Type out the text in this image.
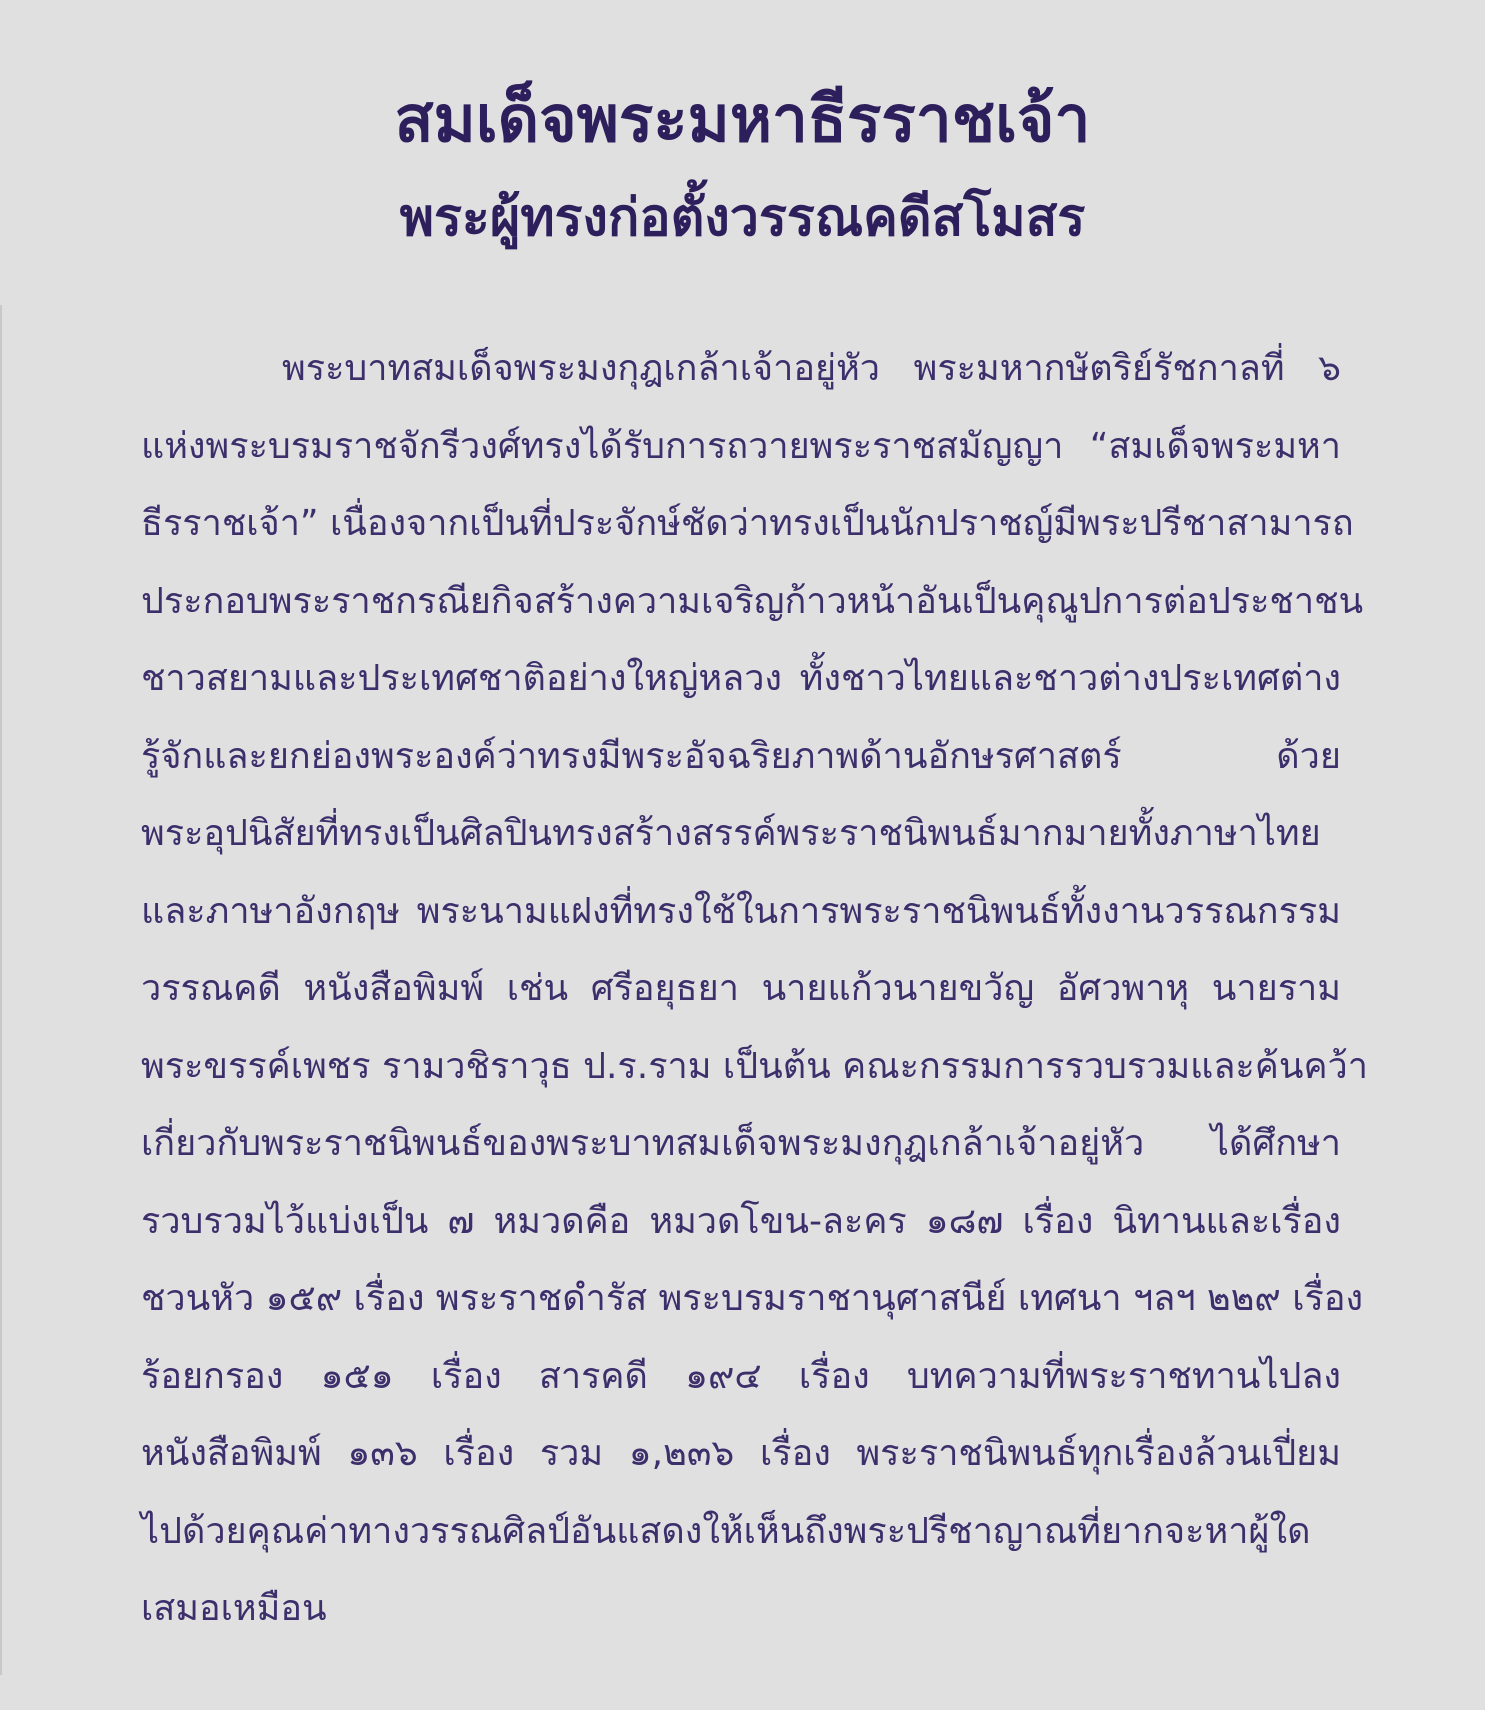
สมเด็จพระมหาธีรราชเจ้า
พระผู้ทรงก่อตั้งวรรณคดีสโมสร

พระบาทสมเด็จพระมงกุฎเกล้าเจ้าอยู่หัว พระมหากษัตริย์รัชกาลที่ ๖

แห่งพระบรมราชจักรีวงศ์ทรงได้รับการถวายพระราชสมัญญา “สมเด็จพระมหา

ธีรราชเจ้า” เนื่องจากเป็นที่ประจักษ์ชัดว่าทรงเป็นนักปราชญ์มีพระปรีชาสามารถ

ประกอบพระราชกรณียกิจสร้างความเจริญก้าวหน้าอันเป็นคุณูปการต่อประชาชน

ชาวสยามและประเทศชาติอย่างใหญ่หลวง ทั้งชาวไทยและชาวต่างประเทศต่าง

รู้จักและยกย่องพระองค์ว่าทรงมีพระอัจฉริยภาพด้านอักษรศาสตร์ ด้วย

พระอุปนิสัยที่ทรงเป็นศิลปินทรงสร้างสรรค์พระราชนิพนธ์มากมายทั้งภาษาไทย

และภาษาอังกฤษ พระนามแฝงที่ทรงใช้ในการพระราชนิพนธ์ทั้งงานวรรณกรรม

วรรณคดี หนังสือพิมพ์ เช่น ศรีอยุธยา นายแก้วนายขวัญ อัศวพาหุ นายราม

พระขรรค์เพชร รามวชิราวุธ ป.ร.ราม เป็นต้น คณะกรรมการรวบรวมและค้นคว้า

เกี่ยวกับพระราชนิพนธ์ของพระบาทสมเด็จพระมงกุฎเกล้าเจ้าอยู่หัว ได้ศึกษา

รวบรวมไว้แบ่งเป็น ๗ หมวดคือ หมวดโขน-ละคร ๑๘๗ เรื่อง นิทานและเรื่อง

ชวนหัว ๑๕๙ เรื่อง พระราชดำรัส พระบรมราชานุศาสนีย์ เทศนา ฯลฯ ๒๒๙ เรื่อง

ร้อยกรอง ๑๕๑ เรื่อง สารคดี ๑๙๔ เรื่อง บทความที่พระราชทานไปลง

หนังสือพิมพ์ ๑๓๖ เรื่อง รวม ๑,๒๓๖ เรื่อง พระราชนิพนธ์ทุกเรื่องล้วนเปี่ยม

ไปด้วยคุณค่าทางวรรณศิลป์อันแสดงให้เห็นถึงพระปรีชาญาณที่ยากจะหาผู้ใด

เสมอเหมือน
